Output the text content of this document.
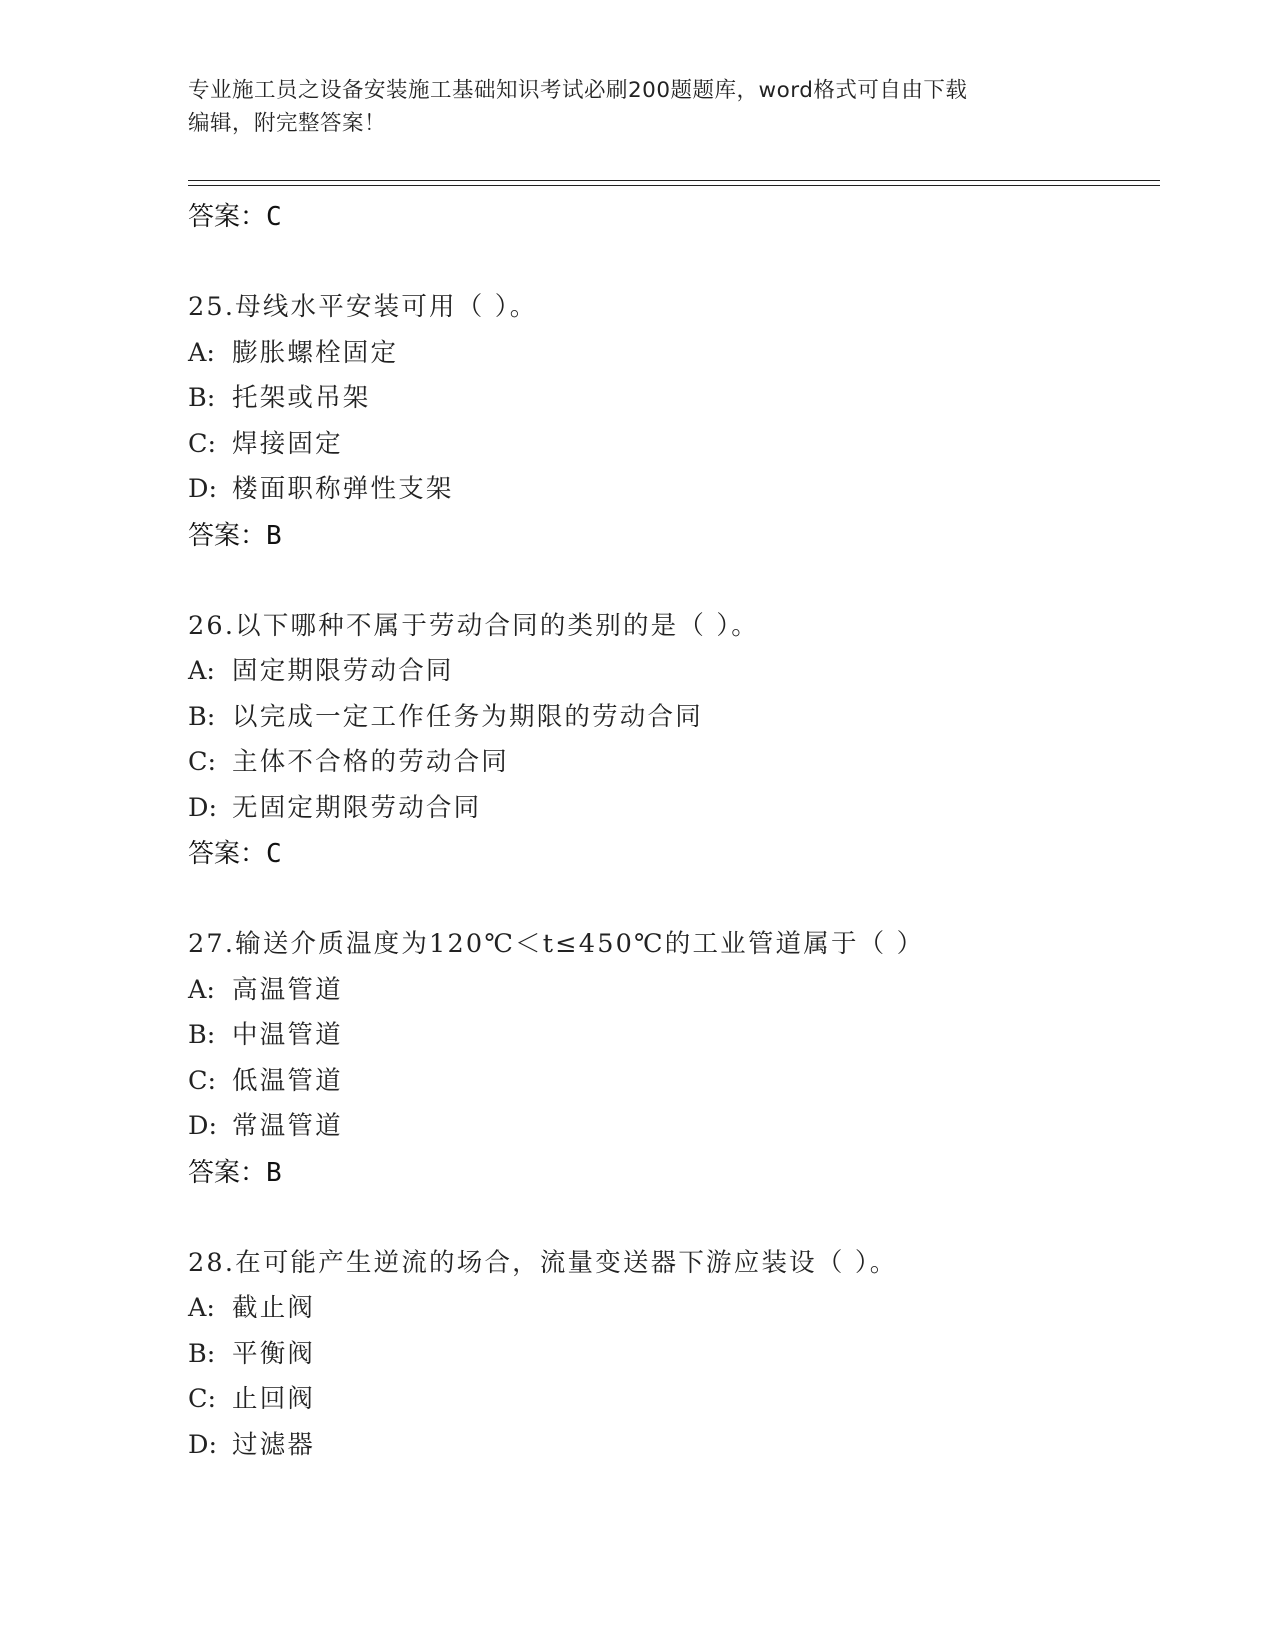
专业施工员之设备安装施工基础知识考试必刷200题题库，word格式可自由下载
编辑，附完整答案！
答案：C
25.母线水平安装可用（ ）。
A: 膨胀螺栓固定
B: 托架或吊架
C: 焊接固定
D: 楼面职称弹性支架
答案：B
26.以下哪种不属于劳动合同的类别的是（ ）。
A: 固定期限劳动合同
B: 以完成一定工作任务为期限的劳动合同
C: 主体不合格的劳动合同
D: 无固定期限劳动合同
答案：C
27.输送介质温度为120℃＜t≤450℃的工业管道属于（ ）
A: 高温管道
B: 中温管道
C: 低温管道
D: 常温管道
答案：B
28.在可能产生逆流的场合，流量变送器下游应装设（ ）。
A: 截止阀
B: 平衡阀
C: 止回阀
D: 过滤器
